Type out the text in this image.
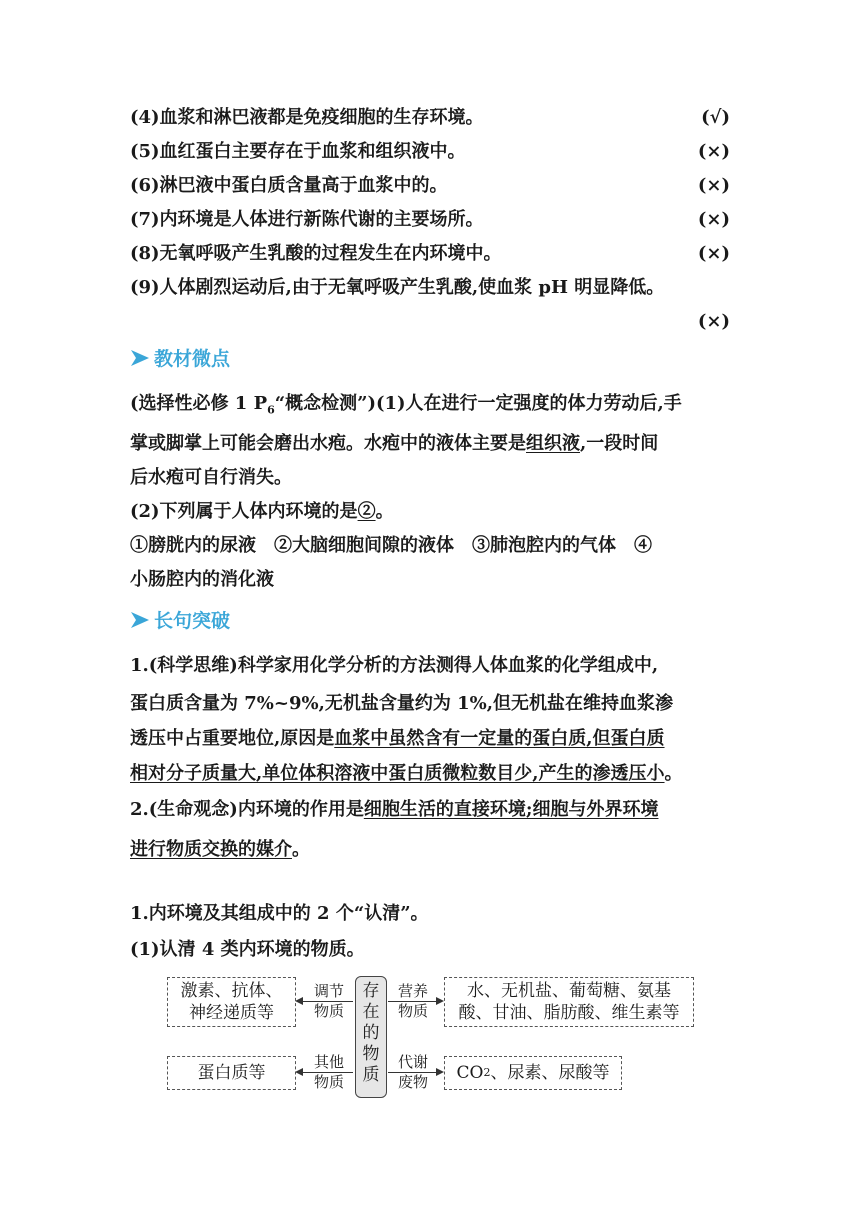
(4)血浆和淋巴液都是免疫细胞的生存环境。	(√)
(5)血红蛋白主要存在于血浆和组织液中。	(×)
(6)淋巴液中蛋白质含量高于血浆中的。	(×)
(7)内环境是人体进行新陈代谢的主要场所。	(×)
(8)无氧呼吸产生乳酸的过程发生在内环境中。	(×)
(9)人体剧烈运动后,由于无氧呼吸产生乳酸,使血浆 pH 明显降低。
(×)
教材微点
(选择性必修 1 $P_6“$概念检测”)(1)人在进行一定强度的体力劳动后,手
掌或脚掌上可能会磨出水疱。水疱中的液体主要是组织液,一段时间
后水疱可自行消失。
(2)下列属于人体内环境的是②。
①膀胱内的尿液　②大脑细胞间隙的液体　③肺泡腔内的气体　④
小肠腔内的消化液
长句突破
1.(科学思维)科学家用化学分析的方法测得人体血浆的化学组成中,
蛋白质含量为 7%~9%,无机盐含量约为 1%,但无机盐在维持血浆渗
透压中占重要地位,原因是血浆中虽然含有一定量的蛋白质,但蛋白质
相对分子质量大,单位体积溶液中蛋白质微粒数目少,产生的渗透压小。
2.(生命观念)内环境的作用是细胞生活的直接环境;细胞与外界环境
进行物质交换的媒介。
1.内环境及其组成中的 2 个“认清”。
(1)认清 4 类内环境的物质。
存
在
的
物
质
激素、抗体、
神经递质等
调节
物质
营养
物质
水、无机盐、葡萄糖、氨基
酸、甘油、脂肪酸、维生素等
蛋白质等
其他
物质
代谢
废物 CO 2 、尿素、尿酸等
